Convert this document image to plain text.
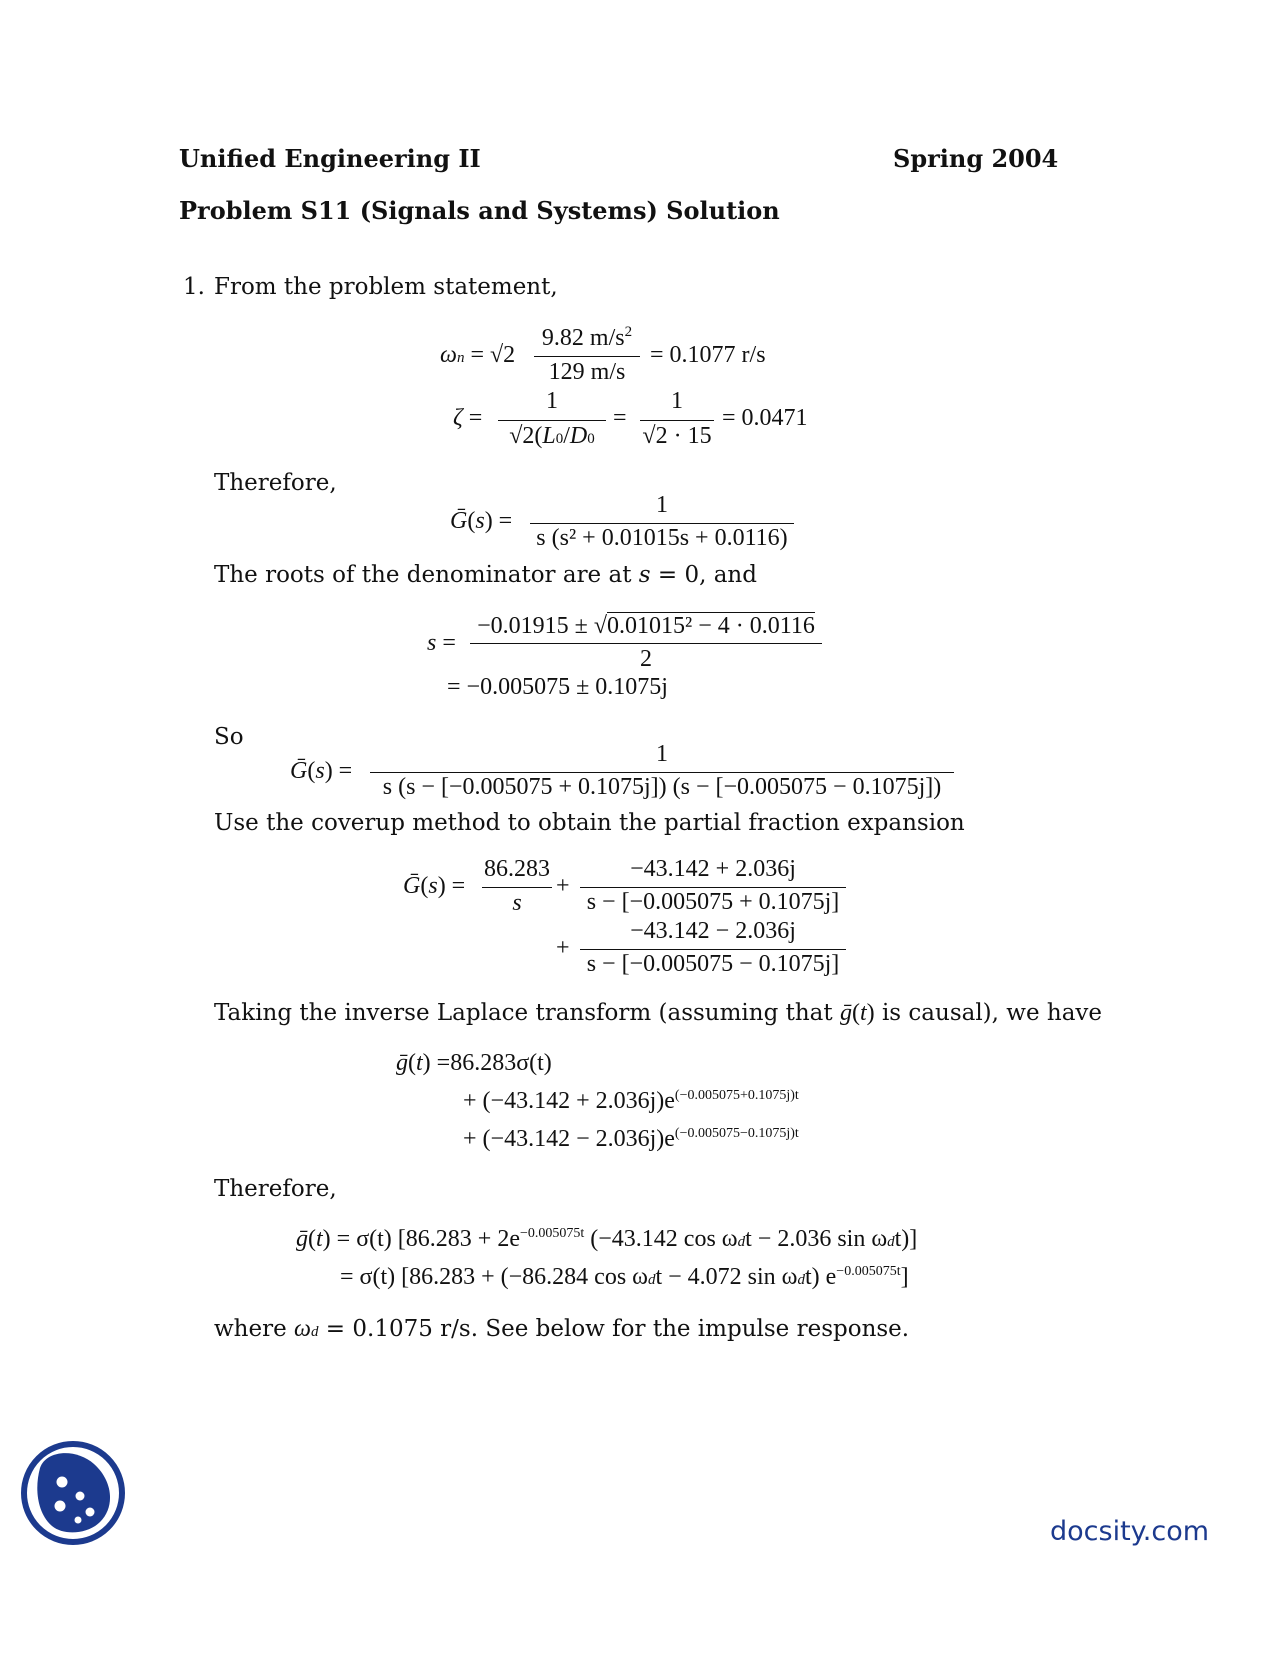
Unified Engineering II	Spring 2004
Problem S11 (Signals and Systems) Solution
1. From the problem statement,
ωn = √2
9.82 $m/s^2$
129 m/s
= 0.1077 r/s
ζ =
1
√2(L0/D0
=
1
√2 · 15
= 0.0471
Therefore,
Ḡ(s) =
1
s (s² + 0.01015s + 0.0116)
The roots of the denominator are at s = 0, and
s =
−0.01915 ± √0.01015² − 4 · 0.0116
2
= −0.005075 ± 0.1075j
So
Ḡ(s) =
1
s (s − [−0.005075 + 0.1075j]) (s − [−0.005075 − 0.1075j])
Use the coverup method to obtain the partial fraction expansion
Ḡ(s) =
86.283
s
+
−43.142 + 2.036j
s − [−0.005075 + 0.1075j]
+
−43.142 − 2.036j
s − [−0.005075 − 0.1075j]
Taking the inverse Laplace transform (assuming that ḡ(t) is causal), we have
ḡ(t) =86.283σ(t)
+ $(-43.142 + 2.036j)e^{(-0.005075+0.1075j)t}$
+ $(-43.142 - 2.036j)e^{(-0.005075-0.1075j)t}$
Therefore,
ḡ(t) = σ(t) [$86.283 + 2e^{-0.005075t}$ (−43.142 cos ωdt − 2.036 sin ωdt)]
= σ(t) [86.283 + (−86.284 cos ωdt − 4.072 sin ωdt) $e^{-0.005075t}$]
where ωd = 0.1075 r/s. See below for the impulse response.
docsity.com
